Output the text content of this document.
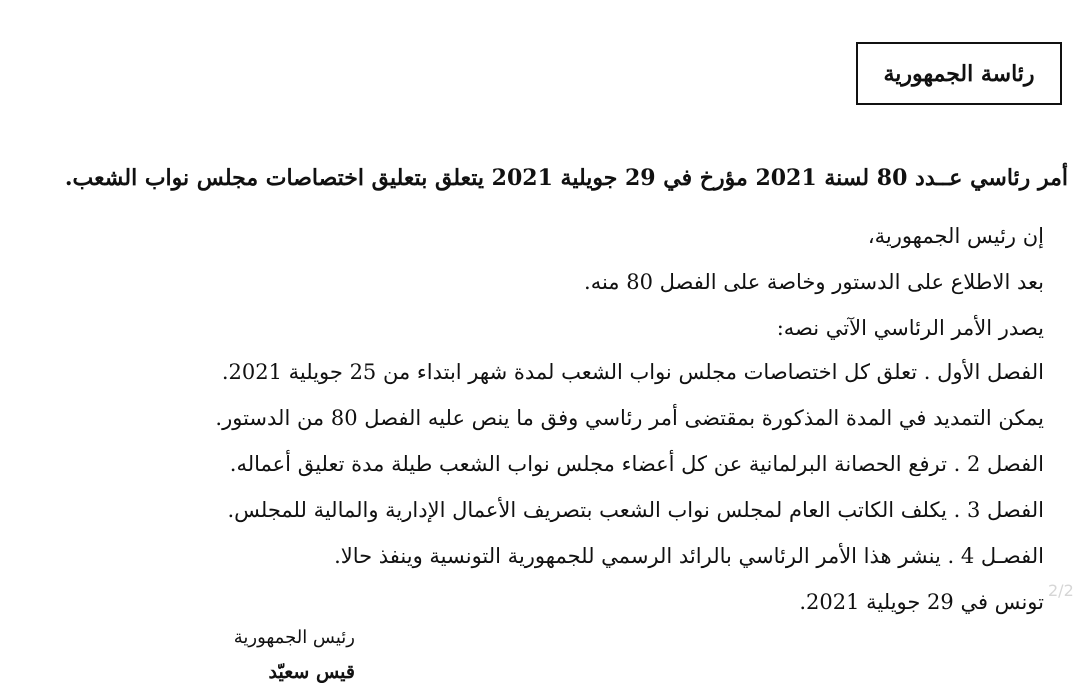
رئاسة الجمهورية
أمر رئاسي عــدد 80 لسنة 2021 مؤرخ في 29 جويلية 2021 يتعلق بتعليق اختصاصات مجلس نواب الشعب.
إن رئيس الجمهورية،
بعد الاطلاع على الدستور وخاصة على الفصل 80 منه.
يصدر الأمر الرئاسي الآتي نصه:
الفصل الأول . تعلق كل اختصاصات مجلس نواب الشعب لمدة شهر ابتداء من 25 جويلية 2021.
يمكن التمديد في المدة المذكورة بمقتضى أمر رئاسي وفق ما ينص عليه الفصل 80 من الدستور.
الفصل 2 . ترفع الحصانة البرلمانية عن كل أعضاء مجلس نواب الشعب طيلة مدة تعليق أعماله.
الفصل 3 . يكلف الكاتب العام لمجلس نواب الشعب بتصريف الأعمال الإدارية والمالية للمجلس.
الفصـل 4 . ينشر هذا الأمر الرئاسي بالرائد الرسمي للجمهورية التونسية وينفذ حالا.
تونس في 29 جويلية 2021. 2/2
رئيس الجمهورية
قيس سعيّد
